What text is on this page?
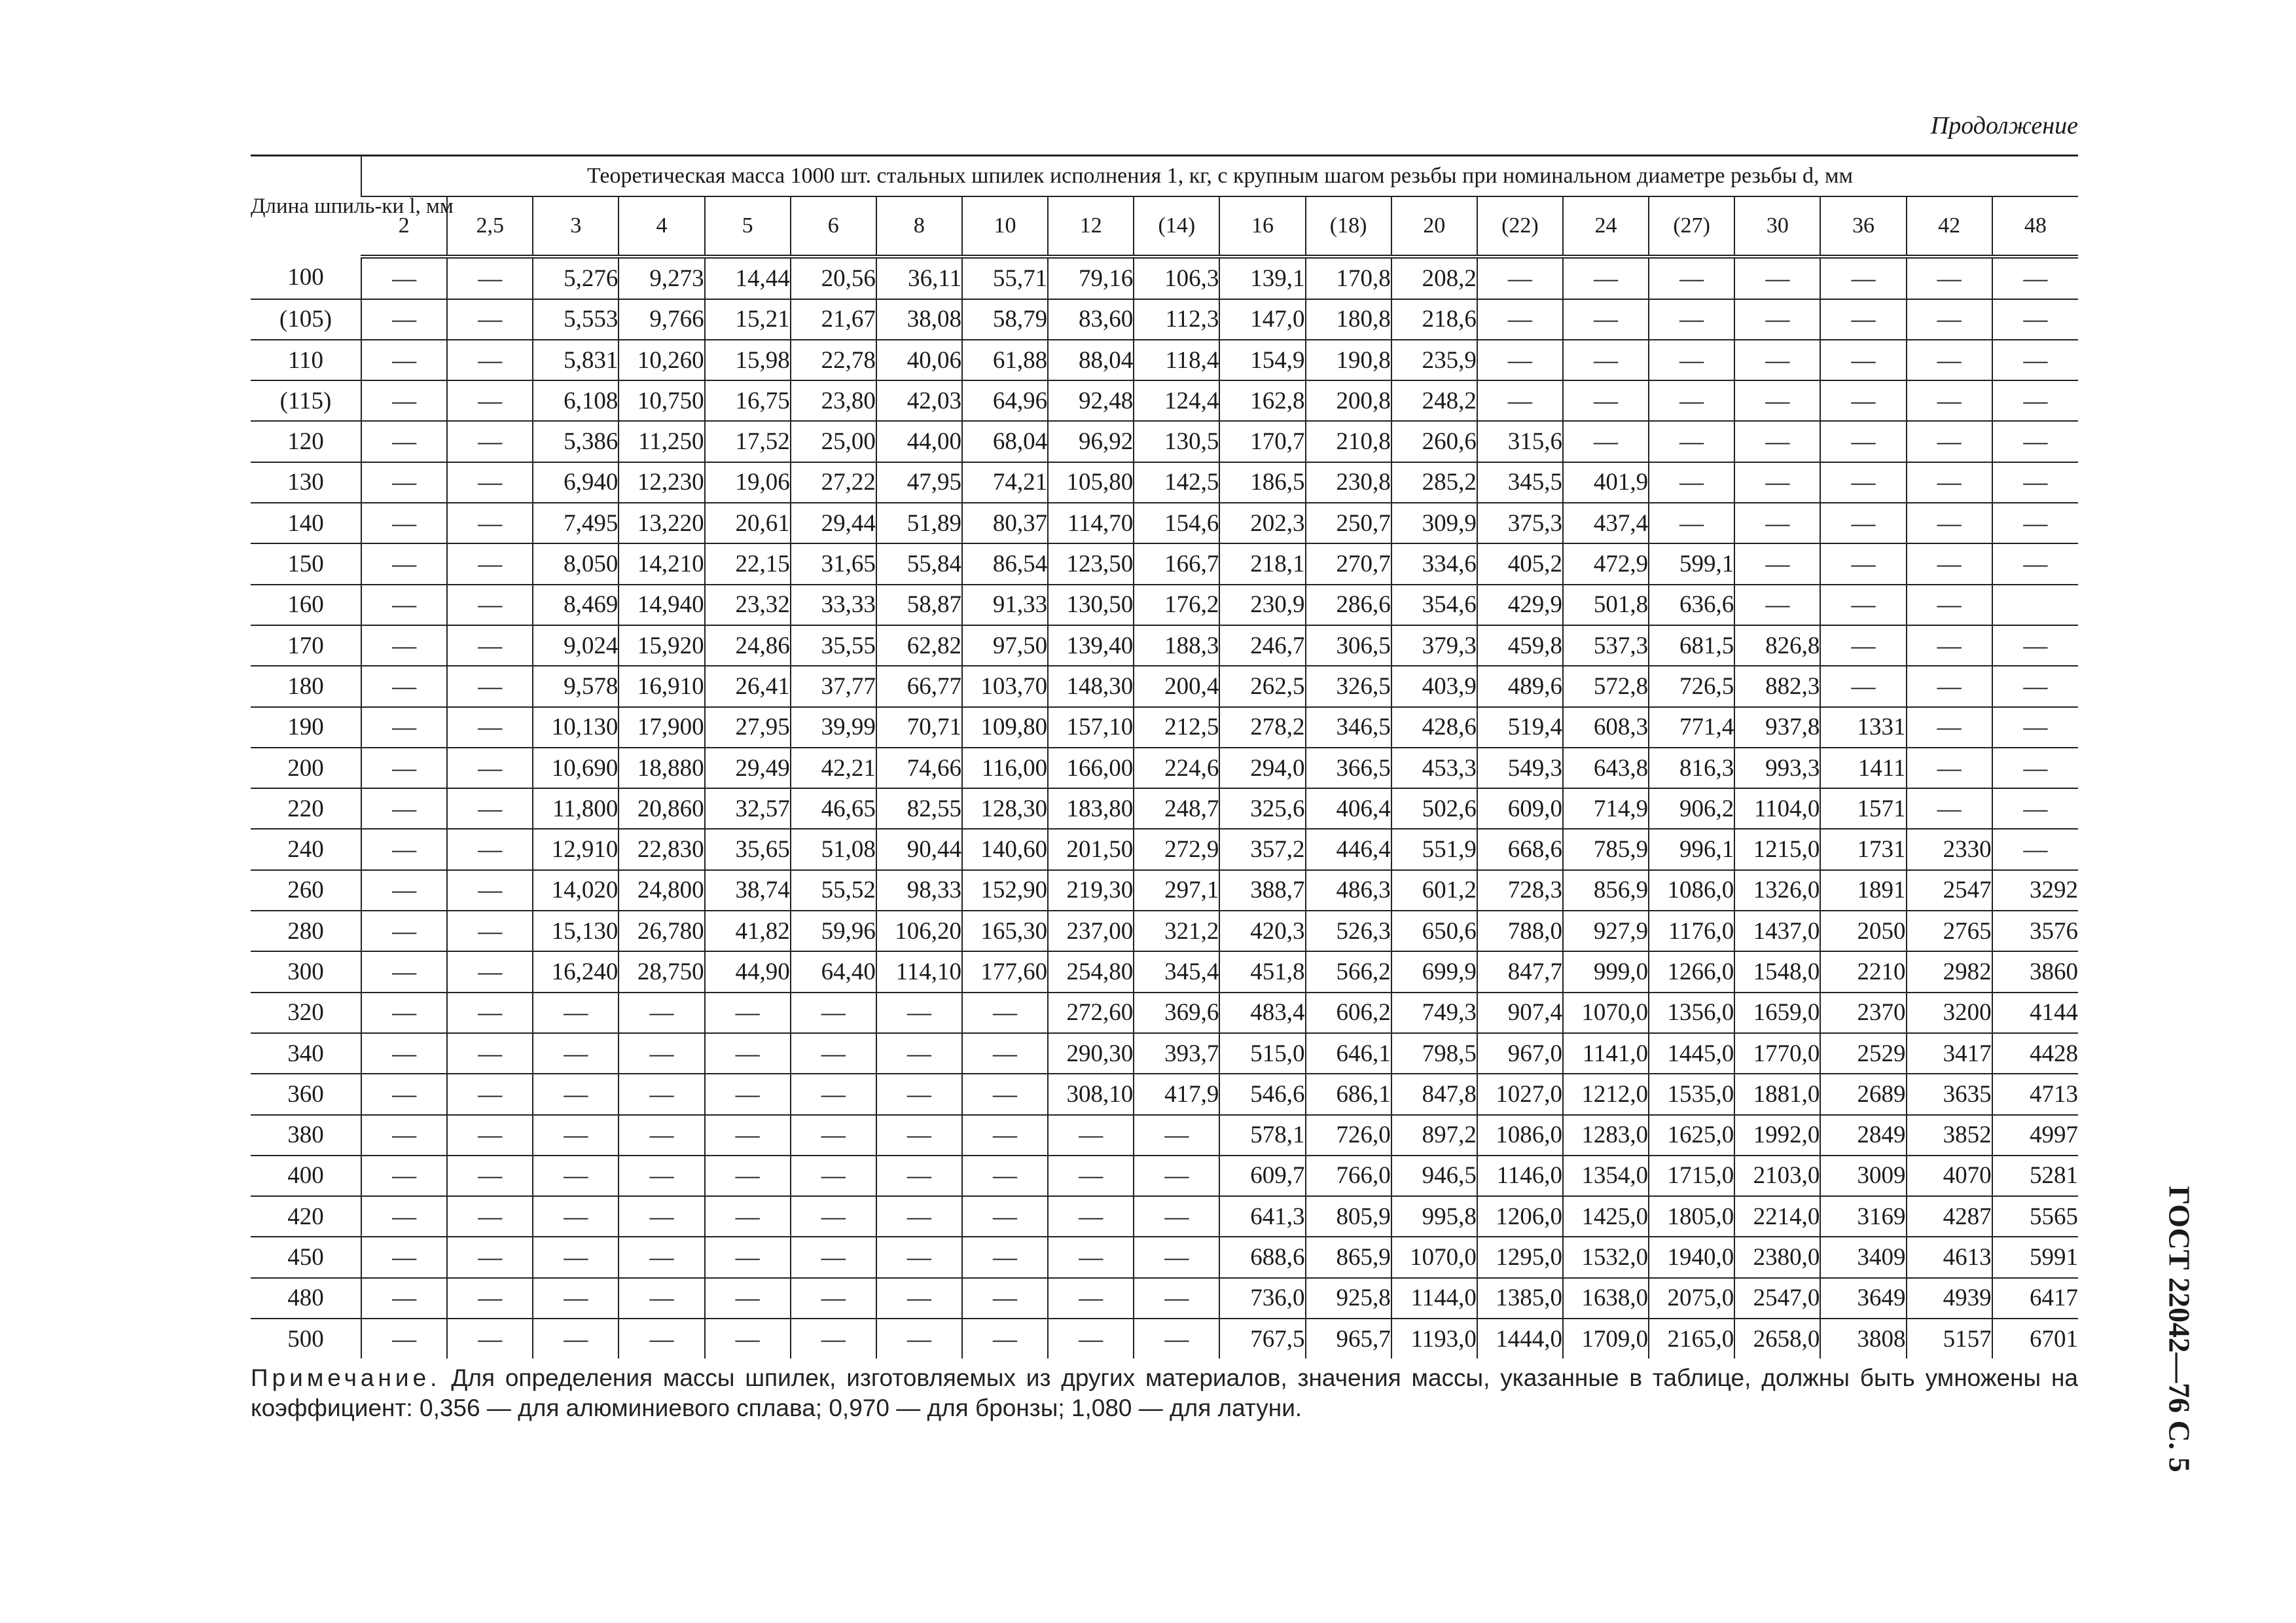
Продолжение
Длина шпиль-ки l, мм	Теоретическая масса 1000 шт. стальных шпилек исполнения 1, кг, с крупным шагом резьбы при номинальном диаметре резьбы d, мм																			
	2	2,5	3	4	5	6	8	10	12	(14)	16	(18)	20	(22)	24	(27)	30	36	42	48
100	—	—	5,276	9,273	14,44	20,56	36,11	55,71	79,16	106,3	139,1	170,8	208,2	—	—	—	—	—	—	—
(105)	—	—	5,553	9,766	15,21	21,67	38,08	58,79	83,60	112,3	147,0	180,8	218,6	—	—	—	—	—	—	—
110	—	—	5,831	10,260	15,98	22,78	40,06	61,88	88,04	118,4	154,9	190,8	235,9	—	—	—	—	—	—	—
(115)	—	—	6,108	10,750	16,75	23,80	42,03	64,96	92,48	124,4	162,8	200,8	248,2	—	—	—	—	—	—	—
120	—	—	5,386	11,250	17,52	25,00	44,00	68,04	96,92	130,5	170,7	210,8	260,6	315,6	—	—	—	—	—	—
130	—	—	6,940	12,230	19,06	27,22	47,95	74,21	105,80	142,5	186,5	230,8	285,2	345,5	401,9	—	—	—	—	—
140	—	—	7,495	13,220	20,61	29,44	51,89	80,37	114,70	154,6	202,3	250,7	309,9	375,3	437,4	—	—	—	—	—
150	—	—	8,050	14,210	22,15	31,65	55,84	86,54	123,50	166,7	218,1	270,7	334,6	405,2	472,9	599,1	—	—	—	—
160	—	—	8,469	14,940	23,32	33,33	58,87	91,33	130,50	176,2	230,9	286,6	354,6	429,9	501,8	636,6	—	—	—	
170	—	—	9,024	15,920	24,86	35,55	62,82	97,50	139,40	188,3	246,7	306,5	379,3	459,8	537,3	681,5	826,8	—	—	—
180	—	—	9,578	16,910	26,41	37,77	66,77	103,70	148,30	200,4	262,5	326,5	403,9	489,6	572,8	726,5	882,3	—	—	—
190	—	—	10,130	17,900	27,95	39,99	70,71	109,80	157,10	212,5	278,2	346,5	428,6	519,4	608,3	771,4	937,8	1331	—	—
200	—	—	10,690	18,880	29,49	42,21	74,66	116,00	166,00	224,6	294,0	366,5	453,3	549,3	643,8	816,3	993,3	1411	—	—
220	—	—	11,800	20,860	32,57	46,65	82,55	128,30	183,80	248,7	325,6	406,4	502,6	609,0	714,9	906,2	1104,0	1571	—	—
240	—	—	12,910	22,830	35,65	51,08	90,44	140,60	201,50	272,9	357,2	446,4	551,9	668,6	785,9	996,1	1215,0	1731	2330	—
260	—	—	14,020	24,800	38,74	55,52	98,33	152,90	219,30	297,1	388,7	486,3	601,2	728,3	856,9	1086,0	1326,0	1891	2547	3292
280	—	—	15,130	26,780	41,82	59,96	106,20	165,30	237,00	321,2	420,3	526,3	650,6	788,0	927,9	1176,0	1437,0	2050	2765	3576
300	—	—	16,240	28,750	44,90	64,40	114,10	177,60	254,80	345,4	451,8	566,2	699,9	847,7	999,0	1266,0	1548,0	2210	2982	3860
320	—	—	—	—	—	—	—	—	272,60	369,6	483,4	606,2	749,3	907,4	1070,0	1356,0	1659,0	2370	3200	4144
340	—	—	—	—	—	—	—	—	290,30	393,7	515,0	646,1	798,5	967,0	1141,0	1445,0	1770,0	2529	3417	4428
360	—	—	—	—	—	—	—	—	308,10	417,9	546,6	686,1	847,8	1027,0	1212,0	1535,0	1881,0	2689	3635	4713
380	—	—	—	—	—	—	—	—	—	—	578,1	726,0	897,2	1086,0	1283,0	1625,0	1992,0	2849	3852	4997
400	—	—	—	—	—	—	—	—	—	—	609,7	766,0	946,5	1146,0	1354,0	1715,0	2103,0	3009	4070	5281
420	—	—	—	—	—	—	—	—	—	—	641,3	805,9	995,8	1206,0	1425,0	1805,0	2214,0	3169	4287	5565
450	—	—	—	—	—	—	—	—	—	—	688,6	865,9	1070,0	1295,0	1532,0	1940,0	2380,0	3409	4613	5991
480	—	—	—	—	—	—	—	—	—	—	736,0	925,8	1144,0	1385,0	1638,0	2075,0	2547,0	3649	4939	6417
500	—	—	—	—	—	—	—	—	—	—	767,5	965,7	1193,0	1444,0	1709,0	2165,0	2658,0	3808	5157	6701
Примечание. Для определения массы шпилек, изготовляемых из других материалов, значения массы, указанные в таблице, должны быть умножены на коэффициент: 0,356 — для алюминиевого сплава; 0,970 — для бронзы; 1,080 — для латуни.	ГОСТ 22042—76 С. 5
